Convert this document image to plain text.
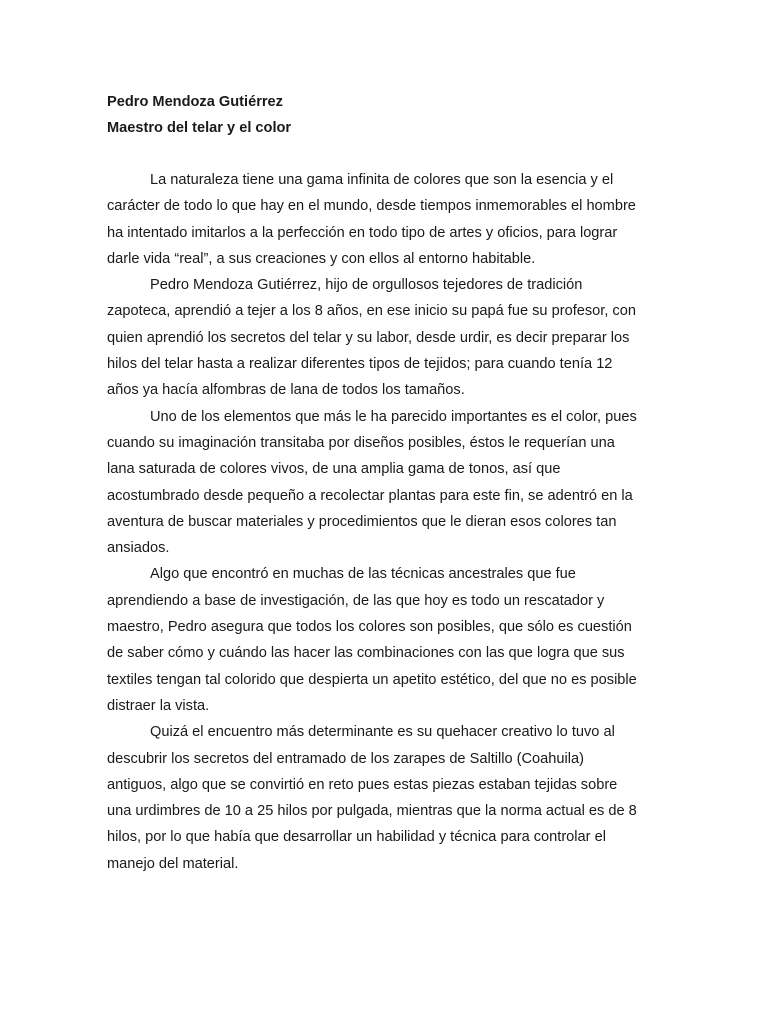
Pedro Mendoza Gutiérrez

Maestro del telar y el color

La naturaleza tiene una gama infinita de colores que son la esencia y el
carácter de todo lo que hay en el mundo, desde tiempos inmemorables el hombre
ha intentado imitarlos a la perfección en todo tipo de artes y oficios, para lograr
darle vida “real”, a sus creaciones y con ellos al entorno habitable.

Pedro Mendoza Gutiérrez, hijo de orgullosos tejedores de tradición
zapoteca, aprendió a tejer a los 8 años, en ese inicio su papá fue su profesor, con
quien aprendió los secretos del telar y su labor, desde urdir, es decir preparar los
hilos del telar hasta a realizar diferentes tipos de tejidos; para cuando tenía 12
años ya hacía alfombras de lana de todos los tamaños.

Uno de los elementos que más le ha parecido importantes es el color, pues
cuando su imaginación transitaba por diseños posibles, éstos le requerían una
lana saturada de colores vivos, de una amplia gama de tonos, así que
acostumbrado desde pequeño a recolectar plantas para este fin, se adentró en la
aventura de buscar materiales y procedimientos que le dieran esos colores tan
ansiados.

Algo que encontró en muchas de las técnicas ancestrales que fue
aprendiendo a base de investigación, de las que hoy es todo un rescatador y
maestro, Pedro asegura que todos los colores son posibles, que sólo es cuestión
de saber cómo y cuándo las hacer las combinaciones con las que logra que sus
textiles tengan tal colorido que despierta un apetito estético, del que no es posible
distraer la vista.

Quizá el encuentro más determinante es su quehacer creativo lo tuvo al
descubrir los secretos del entramado de los zarapes de Saltillo (Coahuila)
antiguos, algo que se convirtió en reto pues estas piezas estaban tejidas sobre
una urdimbres de 10 a 25 hilos por pulgada, mientras que la norma actual es de 8
hilos, por lo que había que desarrollar un habilidad y técnica para controlar el
manejo del material.
